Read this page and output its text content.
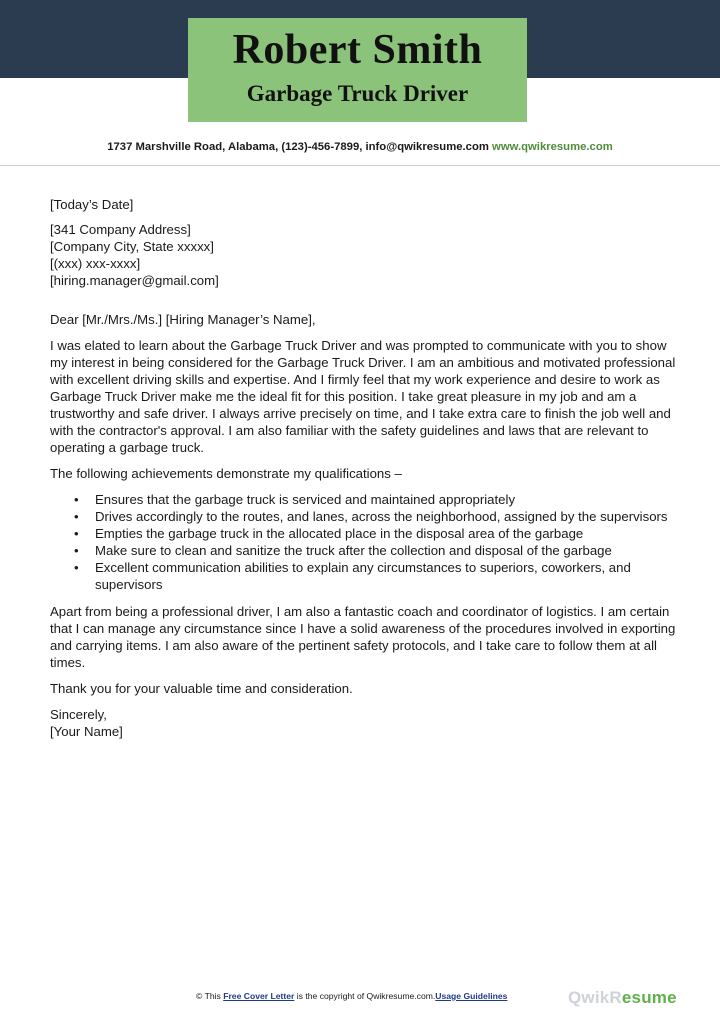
Robert Smith
Garbage Truck Driver
1737 Marshville Road, Alabama, (123)-456-7899, info@qwikresume.com www.qwikresume.com
[Today’s Date]
[341 Company Address]
[Company City, State xxxxx]
[(xxx) xxx-xxxx]
[hiring.manager@gmail.com]

Dear [Mr./Mrs./Ms.] [Hiring Manager’s Name],

I was elated to learn about the Garbage Truck Driver and was prompted to communicate with you to show my interest in being considered for the Garbage Truck Driver. I am an ambitious and motivated professional with excellent driving skills and expertise. And I firmly feel that my work experience and desire to work as Garbage Truck Driver make me the ideal fit for this position. I take great pleasure in my job and am a trustworthy and safe driver. I always arrive precisely on time, and I take extra care to finish the job well and with the contractor's approval. I am also familiar with the safety guidelines and laws that are relevant to operating a garbage truck.

The following achievements demonstrate my qualifications –

• Ensures that the garbage truck is serviced and maintained appropriately
• Drives accordingly to the routes, and lanes, across the neighborhood, assigned by the supervisors
• Empties the garbage truck in the allocated place in the disposal area of the garbage
• Make sure to clean and sanitize the truck after the collection and disposal of the garbage
• Excellent communication abilities to explain any circumstances to superiors, coworkers, and supervisors

Apart from being a professional driver, I am also a fantastic coach and coordinator of logistics. I am certain that I can manage any circumstance since I have a solid awareness of the procedures involved in exporting and carrying items. I am also aware of the pertinent safety protocols, and I take care to follow them at all times.

Thank you for your valuable time and consideration.

Sincerely,
[Your Name]
© This Free Cover Letter is the copyright of Qwikresume.com.Usage Guidelines	QwikResume
